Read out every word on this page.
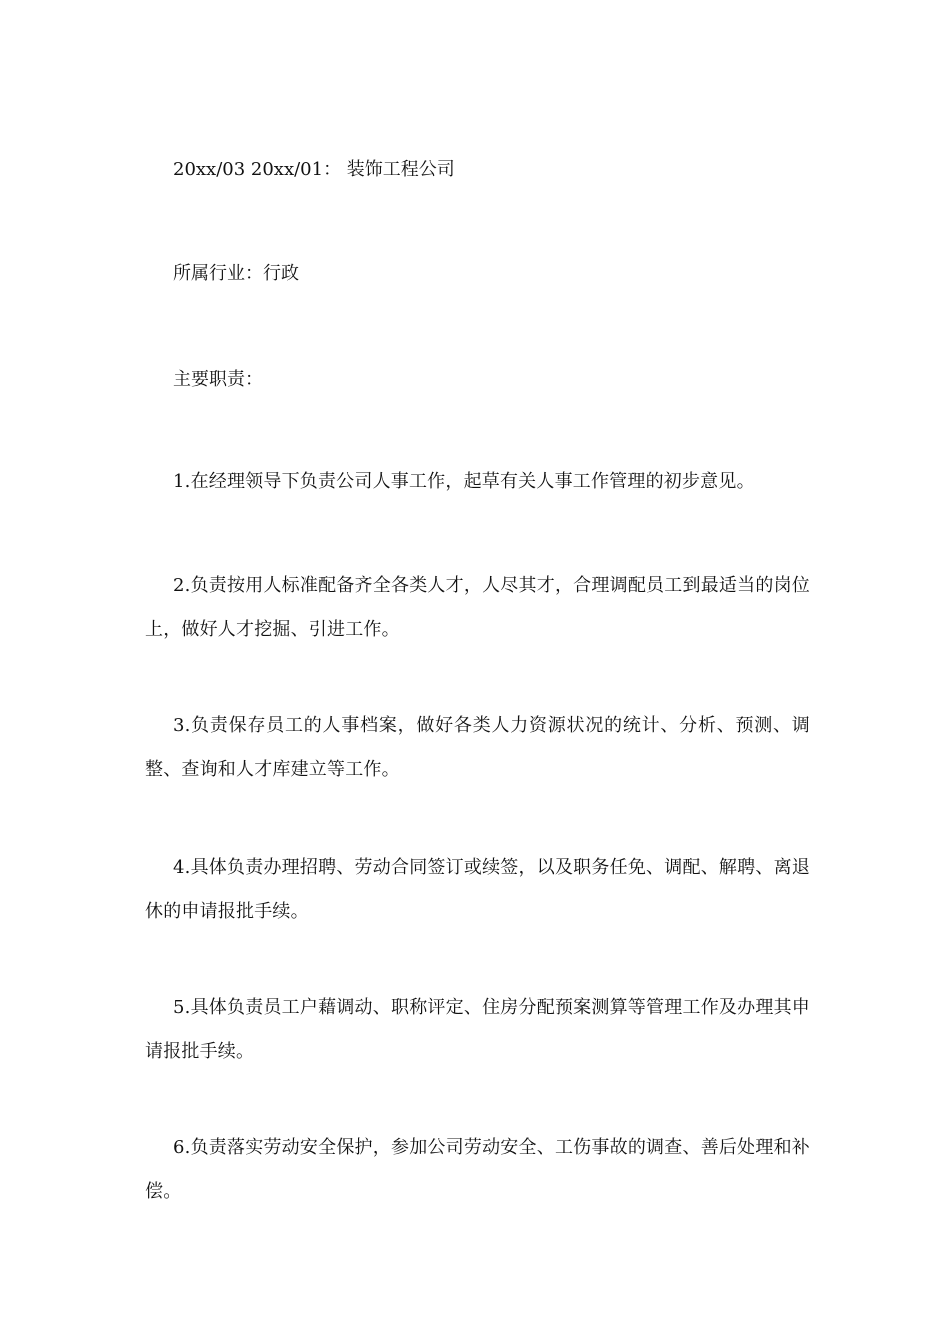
20xx/03 20xx/01： 装饰工程公司
所属行业：行政
主要职责：
1.在经理领导下负责公司人事工作，起草有关人事工作管理的初步意见。
2.负责按用人标准配备齐全各类人才，人尽其才，合理调配员工到最适当的岗位上，做好人才挖掘、引进工作。
3.负责保存员工的人事档案，做好各类人力资源状况的统计、分析、预测、调整、查询和人才库建立等工作。
4.具体负责办理招聘、劳动合同签订或续签，以及职务任免、调配、解聘、离退休的申请报批手续。
5.具体负责员工户藉调动、职称评定、住房分配预案测算等管理工作及办理其申请报批手续。
6.负责落实劳动安全保护，参加公司劳动安全、工伤事故的调查、善后处理和补偿。
